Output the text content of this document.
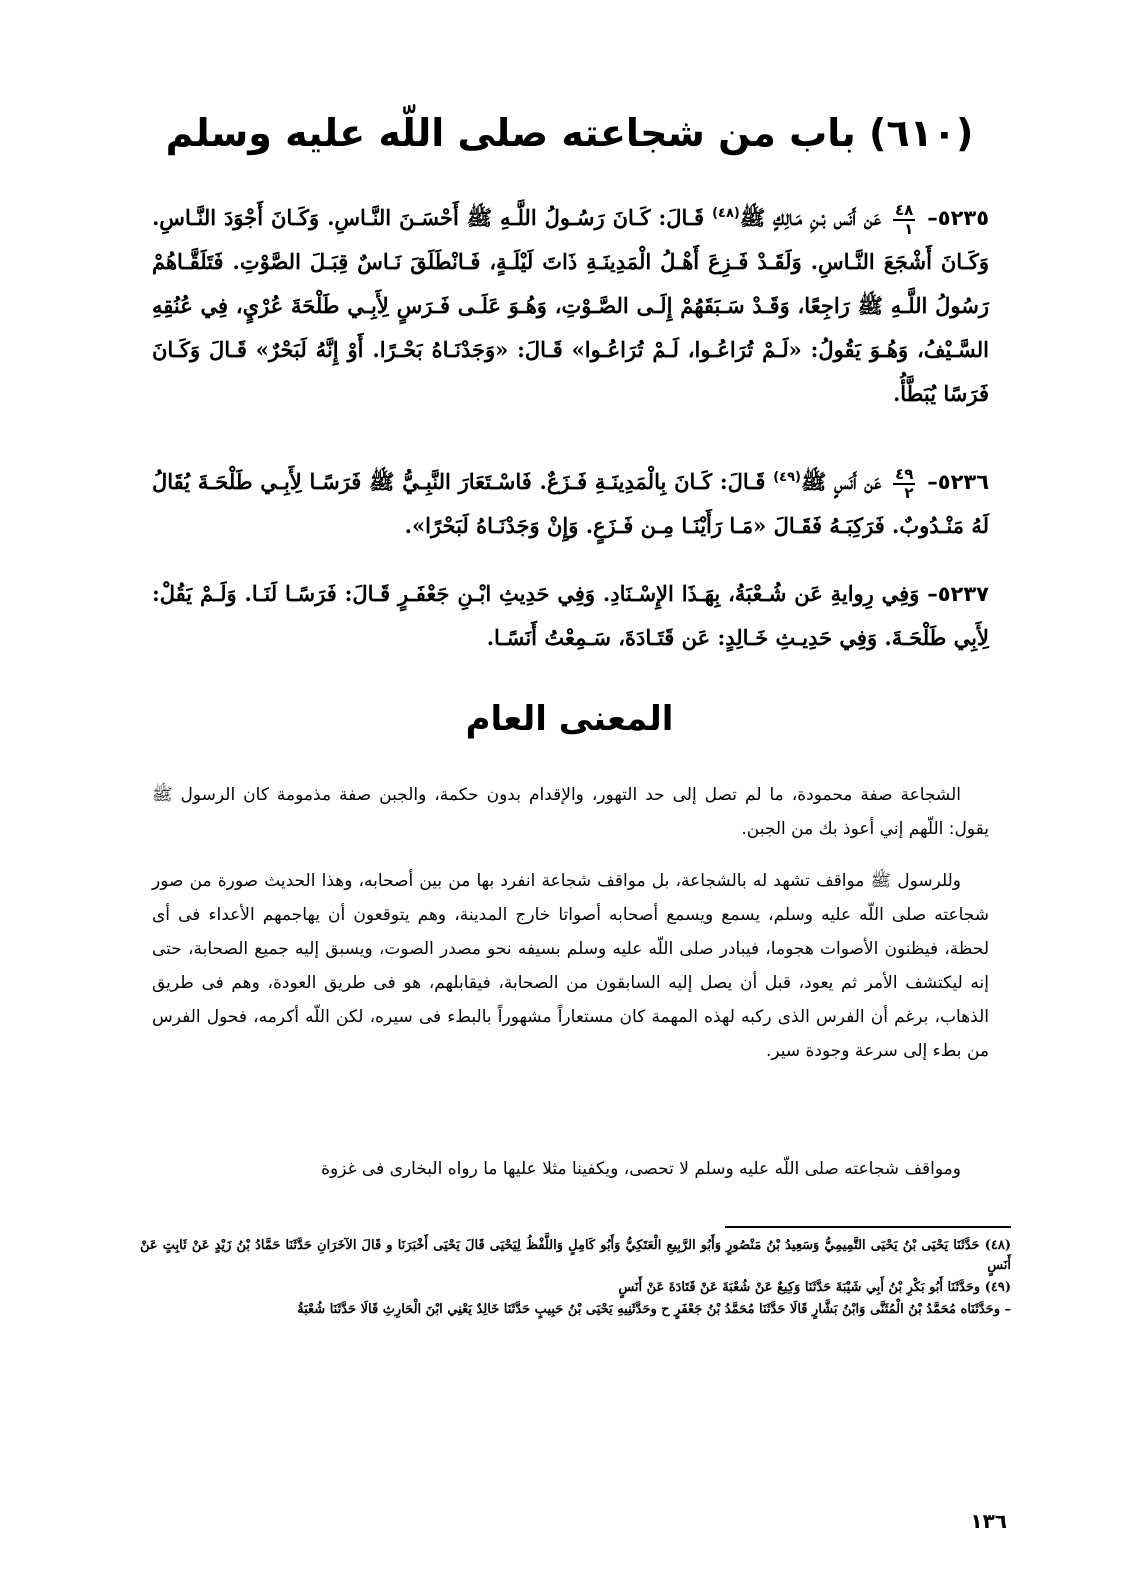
(٦١٠) باب من شجاعته صلى اللّه عليه وسلم

٥٢٣٥–
$\frac{٤٨}{١}$
عَن أَنَس بْـنِ مَـالِكٍ ﷺ$^{(٤٨)}$ قَـالَ: كَـانَ رَسُـولُ اللَّـهِ ﷺ أَحْسَـنَ النَّـاسِ. وَكَـانَ أَجْوَدَ النَّـاسِ. وَكَـانَ أَشْجَعَ النَّـاسِ. وَلَقَـدْ فَـزِعَ أَهْـلُ الْمَدِينَـةِ ذَاتَ لَيْلَـةٍ، فَـانْطَلَقَ نَـاسٌ قِبَـلَ الصَّوْتِ. فَتَلَقَّـاهُمْ رَسُولُ اللَّـهِ ﷺ رَاجِعًا، وَقَـدْ سَـبَقَهُمْ إِلَـى الصَّـوْتِ، وَهُـوَ عَلَـى فَـرَسٍ لِأَبِـي طَلْحَةَ عُرْيٍ، فِي عُنُقِهِ السَّـيْفُ، وَهُـوَ يَقُولُ: «لَـمْ تُرَاعُـوا، لَـمْ تُرَاعُـوا» قَـالَ: «وَجَدْنَـاهُ بَحْـرًا. أَوْ إِنَّهُ لَبَحْرٌ» قَـالَ وَكَـانَ فَرَسًا يُبَطَّأُ.

٥٢٣٦–
$\frac{٤٩}{٢}$
عَن أَنَسٍ ﷺ$^{(٤٩)}$ قَـالَ: كَـانَ بِالْمَدِينَـةِ فَـزَعٌ. فَاسْـتَعَارَ النَّبِـيُّ ﷺ فَرَسًـا لِأَبِـي طَلْحَـةَ يُقَالُ لَهُ مَنْـدُوبٌ. فَرَكِبَـهُ فَقَـالَ «مَـا رَأَيْنَـا مِـن فَـزَعٍ. وَإِنْ وَجَدْنَـاهُ لَبَحْرًا».

٥٢٣٧– وَفِي رِوايةِ عَن شُـعْبَةُ، بِهَـذَا الإِسْـنَادِ. وَفِي حَدِيثِ ابْـنِ جَعْفَـرٍ قَـالَ: فَرَسًـا لَنَـا. وَلَـمْ يَقُلْ: لِأَبِي طَلْحَـةَ. وَفِي حَدِيـثِ خَـالِدٍ: عَن قَتَـادَةَ، سَـمِعْتُ أَنَسًـا.

المعنى العام

الشجاعة صفة محمودة، ما لم تصل إلى حد التهور، والإقدام بدون حكمة، والجبن صفة مذمومة كان الرسول ﷺ يقول: اللّهم إني أعوذ بك من الجبن.

وللرسول ﷺ مواقف تشهد له بالشجاعة، بل مواقف شجاعة انفرد بها من بين أصحابه، وهذا الحديث صورة من صور شجاعته صلى اللّه عليه وسلم، يسمع ويسمع أصحابه أصواتا خارج المدينة، وهم يتوقعون أن يهاجمهم الأعداء فى أى لحظة، فيظنون الأصوات هجوما، فيبادر صلى اللّه عليه وسلم بسيفه نحو مصدر الصوت، ويسبق إليه جميع الصحابة، حتى إنه ليكتشف الأمر ثم يعود، قبل أن يصل إليه السابقون من الصحابة، فيقابلهم، هو فى طريق العودة، وهم فى طريق الذهاب، برغم أن الفرس الذى ركبه لهذه المهمة كان مستعاراً مشهوراً بالبطء فى سيره، لكن اللّه أكرمه، فحول الفرس من بطء إلى سرعة وجودة سير.

ومواقف شجاعته صلى اللّه عليه وسلم لا تحصى، ويكفينا مثلا عليها ما رواه البخارى فى غزوة

(٤٨) حَدَّثَنَا يَحْيَى بْنُ يَحْيَى التَّمِيمِيُّ وَسَعِيدُ بْنُ مَنْصُورٍ وَأَبُو الرَّبِيعِ الْعَتَكِيُّ وَأَبُو كَامِلٍ وَاللَّفْظُ لِيَحْيَى قَالَ يَحْيَى أَخْبَرَنَا و قَالَ الآخَرَانِ حَدَّثَنَا حَمَّادُ بْنُ زَيْدٍ عَنْ ثَابِتٍ عَنْ أَنَسٍ

(٤٩) وحَدَّثَنَا أَبُو بَكْرِ بْنُ أَبِي شَيْبَةَ حَدَّثَنَا وَكِيعٌ عَنْ شُعْبَةَ عَنْ قَتَادَةَ عَنْ أَنَسٍ

– وحَدَّثَنَاه مُحَمَّدُ بْنُ الْمُثَنَّى وَابْنُ بَشَّارٍ قَالَا حَدَّثَنَا مُحَمَّدُ بْنُ جَعْفَرٍ ح وحَدَّثَنِيهِ يَحْيَى بْنُ حَبِيبٍ حَدَّثَنَا خَالِدٌ يَعْنِي ابْنَ الْحَارِثِ قَالَا حَدَّثَنَا شُعْبَةُ

١٣٦
